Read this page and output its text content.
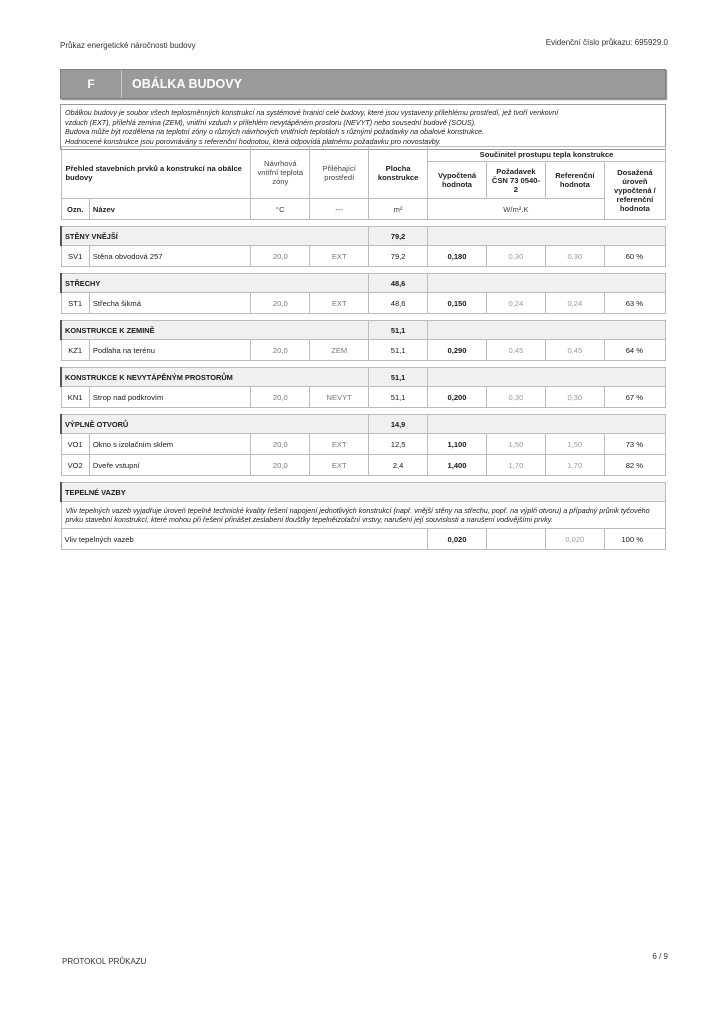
Průkaz energetické náročnosti budovy	Evidenční číslo průkazu: 695929.0
F	OBÁLKA BUDOVY
Obálkou budovy je soubor všech teplosměnných konstrukcí na systémové hranici celé budovy, které jsou vystaveny přilehlému prostředí, jež tvoří venkovní
vzduch (EXT), přilehlá zemina (ZEM), vnitřní vzduch v přilehlém nevytápěném prostoru (NEVYT) nebo sousední budově (SOUS).
Budova může být rozdělena na teplotní zóny o různých návrhových vnitřních teplotách s různými požadavky na obalové konstrukce.
Hodnocené konstrukce jsou porovnávány s referenční hodnotou, která odpovídá platnému požadavku pro novostavby.
Přehled stavebních prvků a konstrukcí na obálce budovy		Návrhová vnitřní teplota zóny	Přiléhající prostředí	Plocha konstrukce	Součinitel prostupu tepla konstrukce			
					Vypočtená hodnota	Požadavek ČSN 73 0540-2	Referenční hodnota	Dosažená úroveň vypočtená / referenční hodnota
Ozn.	Název	°C	---	m²	W/m².K			

STĚNY VNĚJŠÍ				79,2				
SV1	Stěna obvodová 257	20,0	EXT	79,2	0,180	0,30	0,30	60 %

STŘECHY				48,6				
ST1	Střecha šikmá	20,0	EXT	48,6	0,150	0,24	0,24	63 %

KONSTRUKCE K ZEMINĚ				51,1				
KZ1	Podlaha na terénu	20,0	ZEM	51,1	0,290	0,45	0,45	64 %

KONSTRUKCE K NEVYTÁPĚNÝM PROSTORŮM				51,1				
KN1	Strop nad podkrovím	20,0	NEVYT	51,1	0,200	0,30	0,30	67 %

VÝPLNĚ OTVORŮ				14,9				
VO1	Okno s izolačním sklem	20,0	EXT	12,5	1,100	1,50	1,50	73 %
VO2	Dveře vstupní	20,0	EXT	2,4	1,400	1,70	1,70	82 %

TEPELNÉ VAZBY								
Vliv tepelných vazeb vyjadřuje úroveň tepelně technické kvality řešení napojení jednotlivých konstrukcí (např. vnější stěny na střechu, popř. na výplň otvoru) a případný průnik tyčového prvku stavební konstrukcí, které mohou při řešení přinášet zeslabení tloušťky tepelněizolační vrstvy, narušení její souvislosti a narušení vodivějšími prvky.								
Vliv tepelných vazeb					0,020		0,020	100 %
PROTOKOL PRŮKAZU
6 / 9
